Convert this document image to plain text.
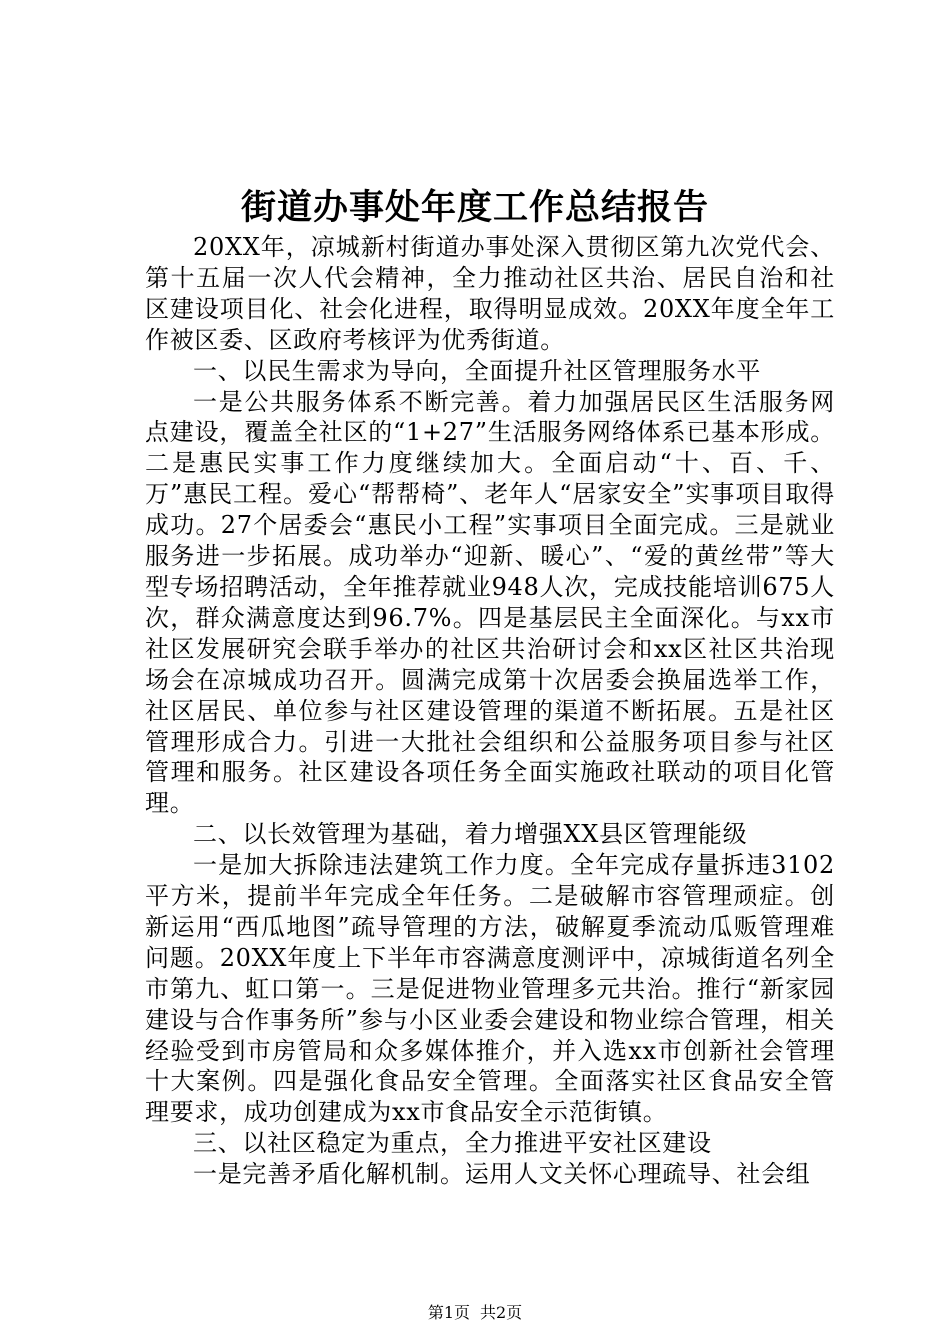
街道办事处年度工作总结报告

20XX年，凉城新村街道办事处深入贯彻区第九次党代会、第十五届一次人代会精神，全力推动社区共治、居民自治和社区建设项目化、社会化进程，取得明显成效。20XX年度全年工作被区委、区政府考核评为优秀街道。

一、以民生需求为导向，全面提升社区管理服务水平

一是公共服务体系不断完善。着力加强居民区生活服务网点建设，覆盖全社区的“1+27”生活服务网络体系已基本形成。二是惠民实事工作力度继续加大。全面启动“十、百、千、万”惠民工程。爱心“帮帮椅”、老年人“居家安全”实事项目取得成功。27个居委会“惠民小工程”实事项目全面完成。三是就业服务进一步拓展。成功举办“迎新、暖心”、“爱的黄丝带”等大型专场招聘活动，全年推荐就业948人次，完成技能培训675人次，群众满意度达到96.7%。四是基层民主全面深化。与xx市社区发展研究会联手举办的社区共治研讨会和xx区社区共治现场会在凉城成功召开。圆满完成第十次居委会换届选举工作，社区居民、单位参与社区建设管理的渠道不断拓展。五是社区管理形成合力。引进一大批社会组织和公益服务项目参与社区管理和服务。社区建设各项任务全面实施政社联动的项目化管理。

二、以长效管理为基础，着力增强XX县区管理能级

一是加大拆除违法建筑工作力度。全年完成存量拆违3102平方米，提前半年完成全年任务。二是破解市容管理顽症。创新运用“西瓜地图”疏导管理的方法，破解夏季流动瓜贩管理难问题。20XX年度上下半年市容满意度测评中，凉城街道名列全市第九、虹口第一。三是促进物业管理多元共治。推行“新家园建设与合作事务所”参与小区业委会建设和物业综合管理，相关经验受到市房管局和众多媒体推介，并入选xx市创新社会管理十大案例。四是强化食品安全管理。全面落实社区食品安全管理要求，成功创建成为xx市食品安全示范街镇。

三、以社区稳定为重点，全力推进平安社区建设

一是完善矛盾化解机制。运用人文关怀心理疏导、社会组

第1页 共2页
